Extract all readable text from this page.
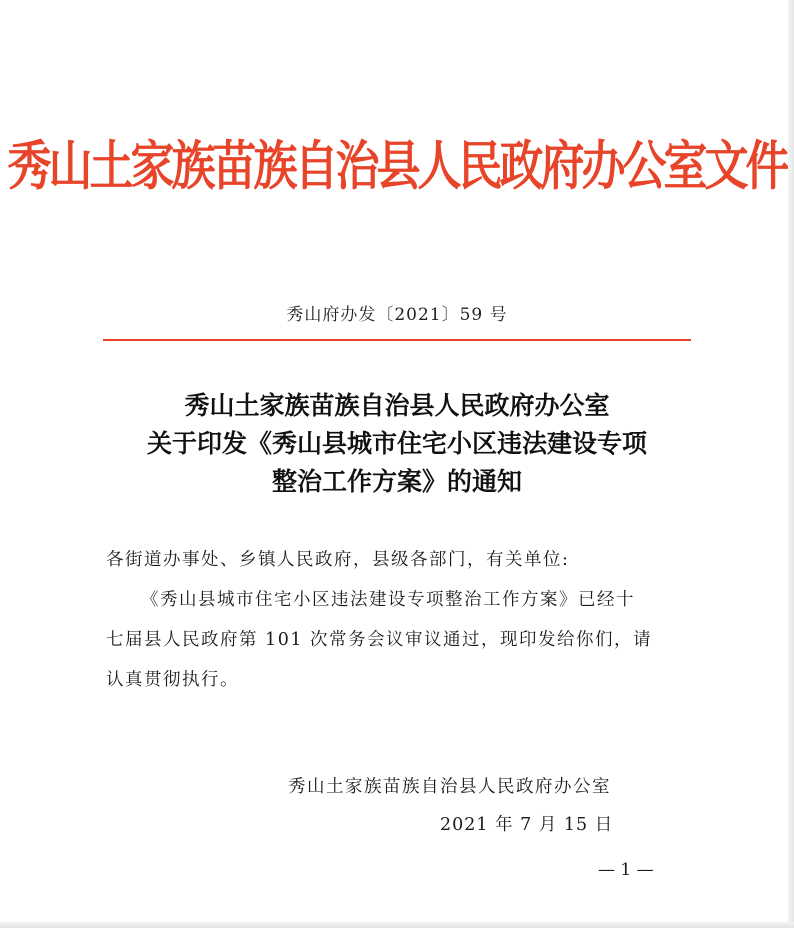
秀山土家族苗族自治县人民政府办公室文件
秀山府办发〔2021〕59 号
秀山土家族苗族自治县人民政府办公室
关于印发《秀山县城市住宅小区违法建设专项
整治工作方案》的通知

各街道办事处、乡镇人民政府，县级各部门，有关单位:

《秀山县城市住宅小区违法建设专项整治工作方案》已经十

七届县人民政府第 101 次常务会议审议通过，现印发给你们，请

认真贯彻执行。

秀山土家族苗族自治县人民政府办公室
2021 年 7 月 15 日
— 1 —
